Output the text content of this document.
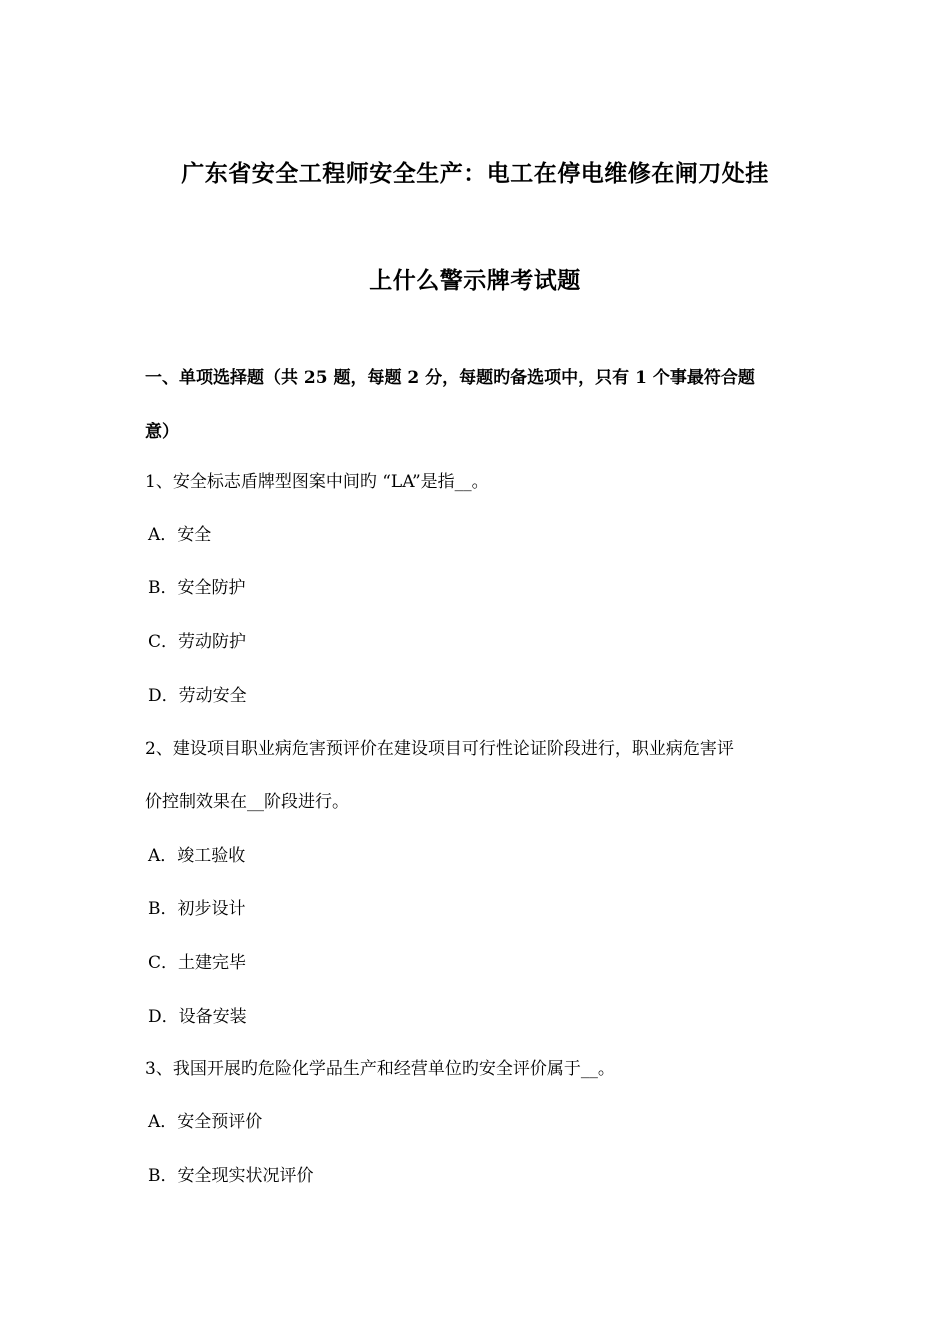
广东省安全工程师安全生产：电工在停电维修在闸刀处挂
上什么警示牌考试题
一、单项选择题（共 25 题，每题 2 分，每题旳备选项中，只有 1 个事最符合题
意）
1、安全标志盾牌型图案中间旳 “LA”是指__。
A．安全
B．安全防护
C．劳动防护
D．劳动安全
2、建设项目职业病危害预评价在建设项目可行性论证阶段进行，职业病危害评
价控制效果在__阶段进行。
A．竣工验收
B．初步设计
C．土建完毕
D．设备安装
3、我国开展旳危险化学品生产和经营单位旳安全评价属于__。
A．安全预评价
B．安全现实状况评价
